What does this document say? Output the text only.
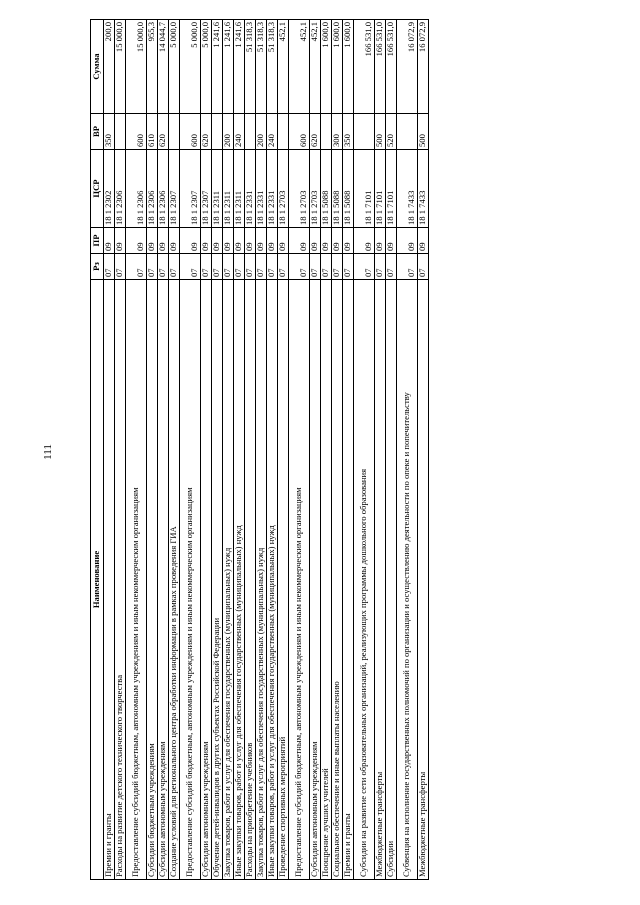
111
Наименование	Рз	ПР	ЦСР	ВР	Сумма
Премии и гранты	07	09	18 1 2302	350	200,0
Расходы на развитие детского технического творчества	07	09	18 1 2306		15 000,0
Предоставление субсидий бюджетным, автономным учреждениям и иным некоммерческим организациям	07	09	18 1 2306	600	15 000,0
Субсидии бюджетным учреждениям	07	09	18 1 2306	610	955,3
Субсидии автономным учреждениям	07	09	18 1 2306	620	14 044,7
Создание условий для регионального центра обработки информации в рамках проведения ГИА	07	09	18 1 2307		5 000,0
Предоставление субсидий бюджетным, автономным учреждениям и иным некоммерческим организациям	07	09	18 1 2307	600	5 000,0
Субсидии автономным учреждениям	07	09	18 1 2307	620	5 000,0
Обучение детей-инвалидов в других субъектах Российской Федерации	07	09	18 1 2311		1 241,6
Закупка товаров, работ и услуг для обеспечения государственных (муниципальных) нужд	07	09	18 1 2311	200	1 241,6
Иные закупки товаров, работ и услуг для обеспечения государственных (муниципальных) нужд	07	09	18 1 2311	240	1 241,6
Расходы на приобретение учебников	07	09	18 1 2331		51 318,3
Закупка товаров, работ и услуг для обеспечения государственных (муниципальных) нужд	07	09	18 1 2331	200	51 318,3
Иные закупки товаров, работ и услуг для обеспечения государственных (муниципальных) нужд	07	09	18 1 2331	240	51 318,3
Проведение спортивных мероприятий	07	09	18 1 2703		452,1
Предоставление субсидий бюджетным, автономным учреждениям и иным некоммерческим организациям	07	09	18 1 2703	600	452,1
Субсидии автономным учреждениям	07	09	18 1 2703	620	452,1
Поощрение лучших учителей	07	09	18 1 5088		1 600,0
Социальное обеспечение и иные выплаты населению	07	09	18 1 5088	300	1 600,0
Премии и гранты	07	09	18 1 5088	350	1 600,0
Субсидии на развитие сети образовательных организаций, реализующих программы дошкольного образования	07	09	18 1 7101		166 531,0
Межбюджетные трансферты	07	09	18 1 7101	500	166 531,0
Субсидии	07	09	18 1 7101	520	166 531,0
Субвенция на исполнение государственных полномочий по организации и осуществлению деятельности по опеке и попечительству	07	09	18 1 7433		16 072,9
Межбюджетные трансферты	07	09	18 1 7433	500	16 072,9
